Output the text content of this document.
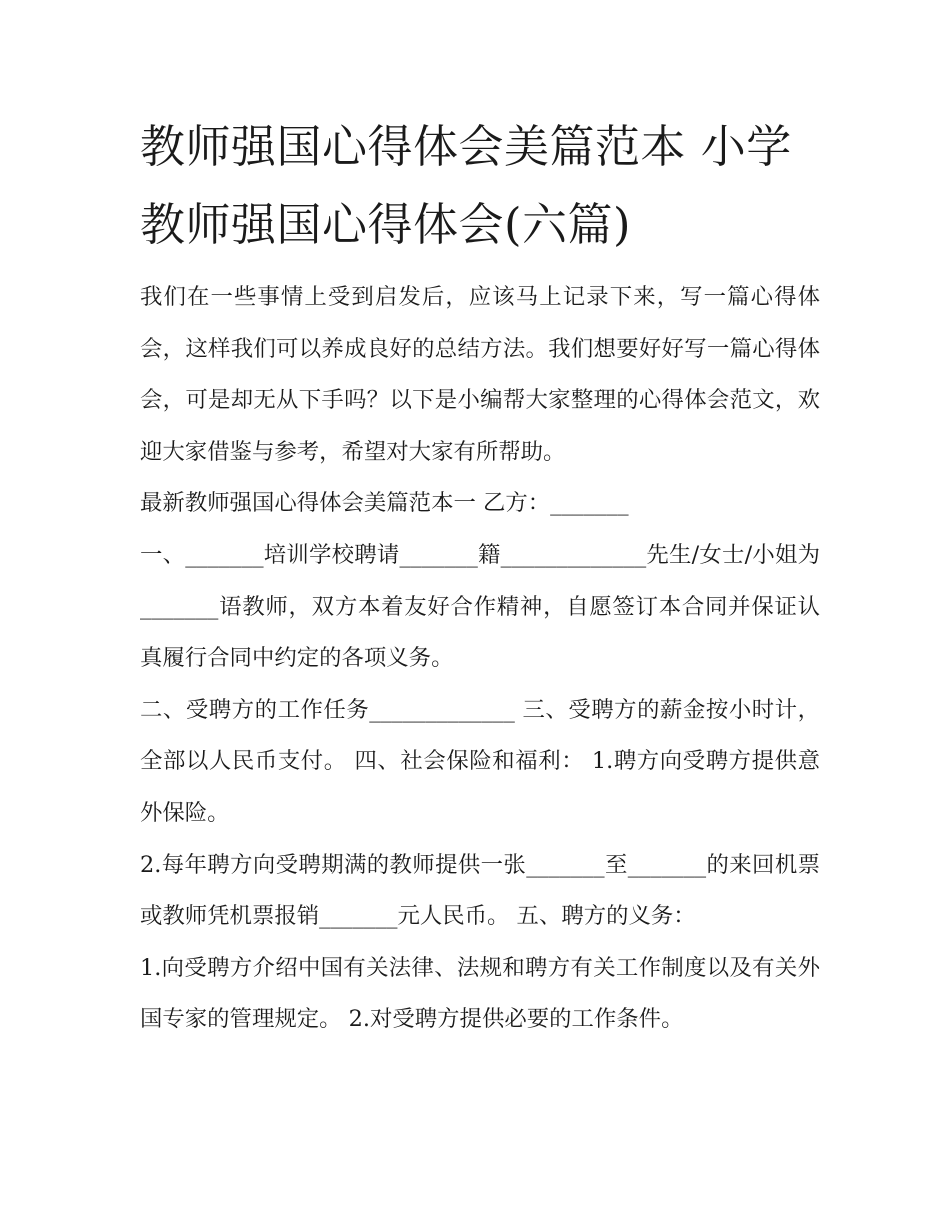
教师强国心得体会美篇范本 小学教师强国心得体会(六篇)

我们在一些事情上受到启发后，应该马上记录下来，写一篇心得体会，这样我们可以养成良好的总结方法。我们想要好好写一篇心得体会，可是却无从下手吗？以下是小编帮大家整理的心得体会范文，欢迎大家借鉴与参考，希望对大家有所帮助。

最新教师强国心得体会美篇范本一 乙方：_______

一、_______培训学校聘请_______籍_____________先生/女士/小姐为_______语教师，双方本着友好合作精神，自愿签订本合同并保证认真履行合同中约定的各项义务。

二、受聘方的工作任务_____________ 三、受聘方的薪金按小时计，全部以人民币支付。 四、社会保险和福利： 1.聘方向受聘方提供意外保险。

2.每年聘方向受聘期满的教师提供一张_______至_______的来回机票或教师凭机票报销_______元人民币。 五、聘方的义务：

1.向受聘方介绍中国有关法律、法规和聘方有关工作制度以及有关外国专家的管理规定。 2.对受聘方提供必要的工作条件。
